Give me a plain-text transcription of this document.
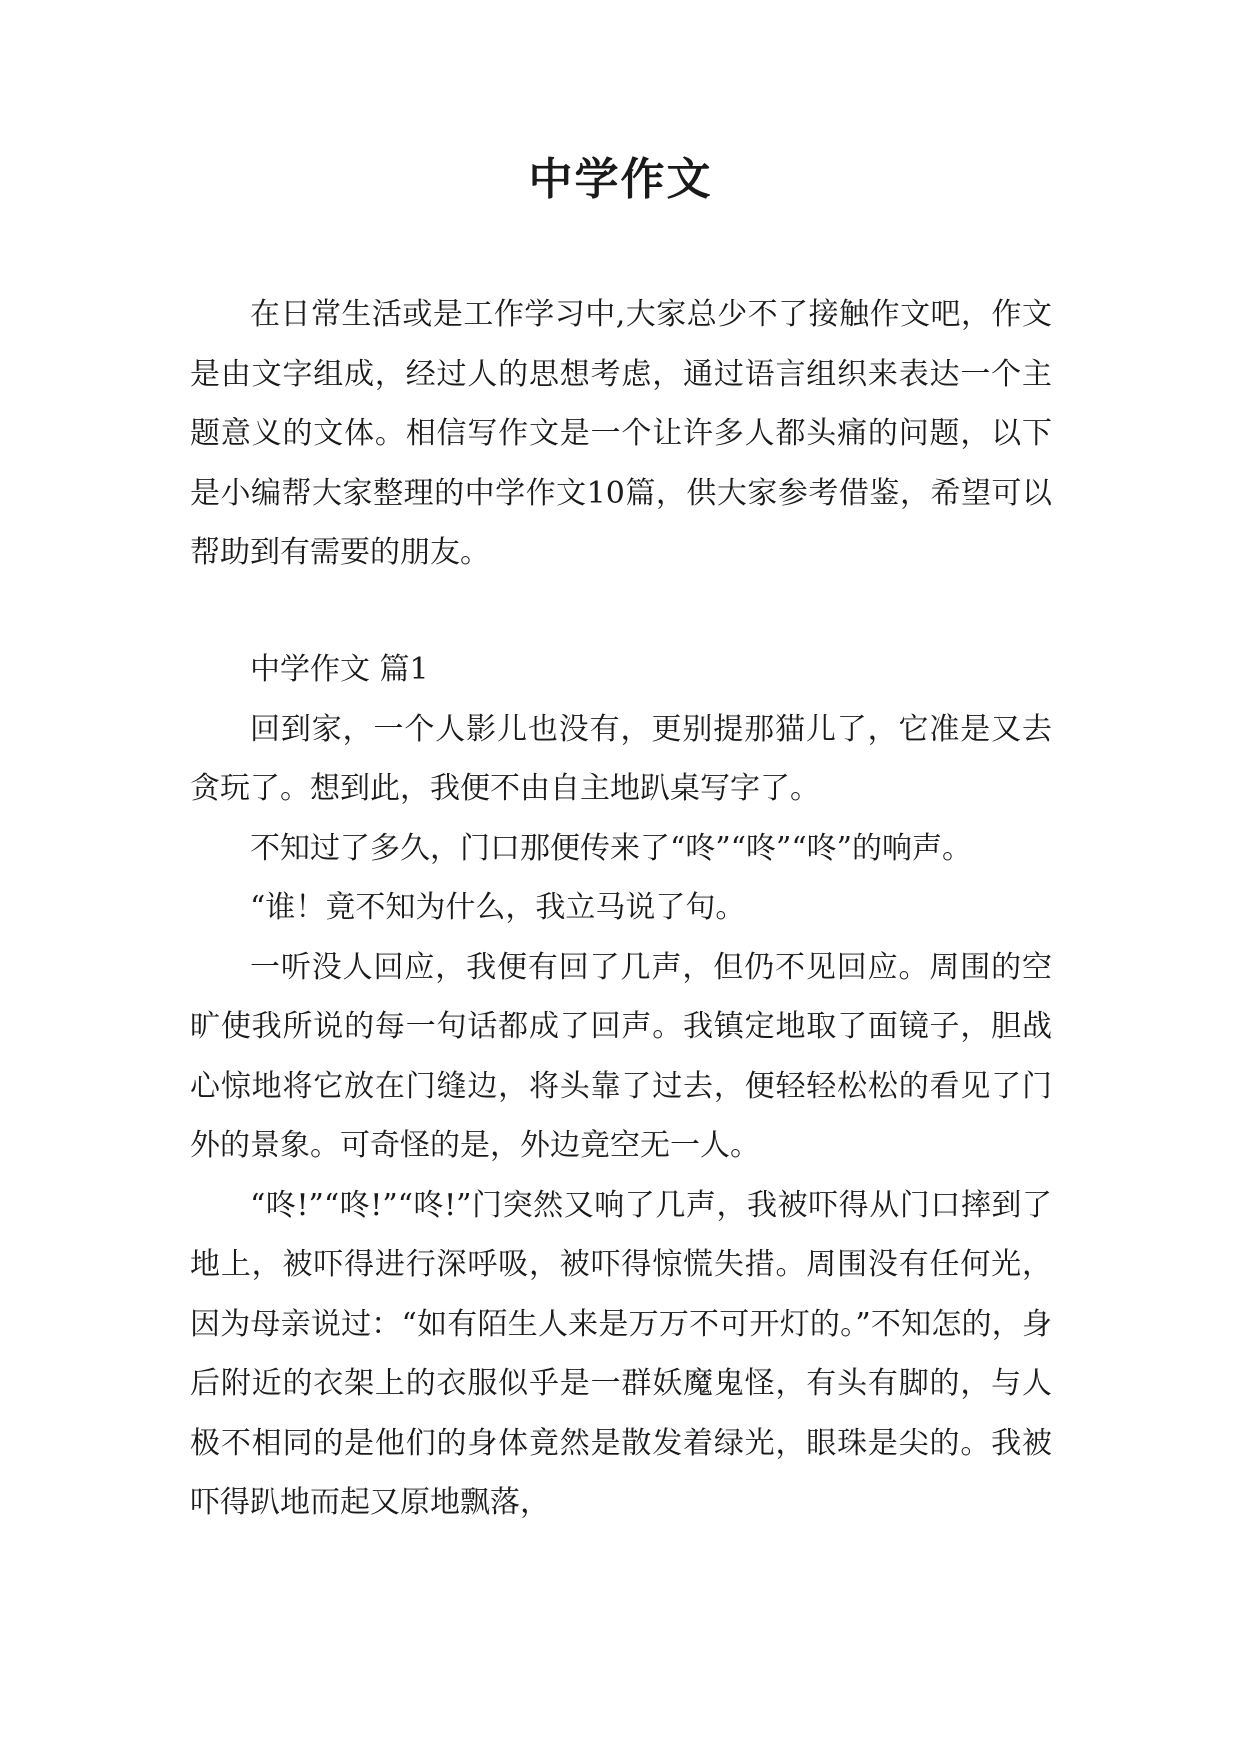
中学作文

在日常生活或是工作学习中,大家总少不了接触作文吧，作文是由文字组成，经过人的思想考虑，通过语言组织来表达一个主题意义的文体。相信写作文是一个让许多人都头痛的问题，以下是小编帮大家整理的中学作文10篇，供大家参考借鉴，希望可以帮助到有需要的朋友。

中学作文 篇1

回到家，一个人影儿也没有，更别提那猫儿了，它准是又去贪玩了。想到此，我便不由自主地趴桌写字了。

不知过了多久，门口那便传来了“咚”“咚”“咚”的响声。

“谁！竟不知为什么，我立马说了句。

一听没人回应，我便有回了几声，但仍不见回应。周围的空旷使我所说的每一句话都成了回声。我镇定地取了面镜子，胆战心惊地将它放在门缝边，将头靠了过去，便轻轻松松的看见了门外的景象。可奇怪的是，外边竟空无一人。

“咚!”“咚!”“咚!”门突然又响了几声，我被吓得从门口摔到了地上，被吓得进行深呼吸，被吓得惊慌失措。周围没有任何光，因为母亲说过：“如有陌生人来是万万不可开灯的。”不知怎的，身后附近的衣架上的衣服似乎是一群妖魔鬼怪，有头有脚的，与人极不相同的是他们的身体竟然是散发着绿光，眼珠是尖的。我被吓得趴地而起又原地飘落，
